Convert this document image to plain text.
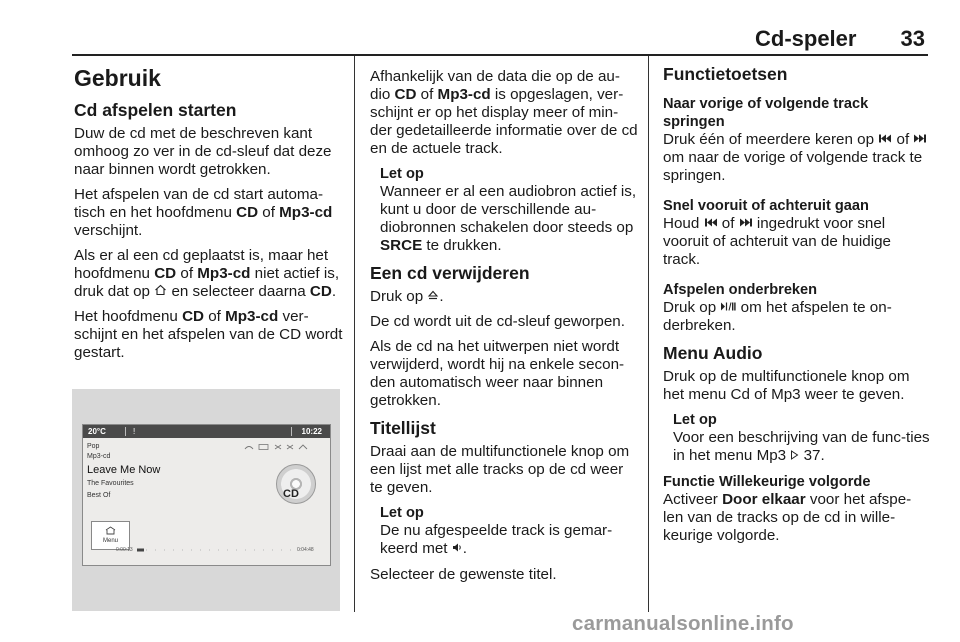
Cd-speler	33
Gebruik
Cd afspelen starten

Duw de cd met de beschreven kant omhoog zo ver in de cd-sleuf dat deze naar binnen wordt getrokken.

Het afspelen van de cd start automa-tisch en het hoofdmenu CD of Mp3-cd verschijnt.

Als er al een cd geplaatst is, maar het hoofdmenu CD of Mp3-cd niet actief is, druk dat op  en selecteer daarna CD.

Het hoofdmenu CD of Mp3-cd ver-schijnt en het afspelen van de CD wordt gestart.

20°C	!	10:22
Pop
Mp3-cd
Leave Me Now
The Favourites
Best Of	CD
Menu
0:00:13	0:04:48

Afhankelijk van de data die op de au-dio CD of Mp3-cd is opgeslagen, ver-schijnt er op het display meer of min-der gedetailleerde informatie over de cd en de actuele track.

Let op
Wanneer er al een audiobron actief is, kunt u door de verschillende au-diobronnen schakelen door steeds op SRCE te drukken.
Een cd verwijderen

Druk op .

De cd wordt uit de cd-sleuf geworpen.

Als de cd na het uitwerpen niet wordt verwijderd, wordt hij na enkele secon-den automatisch weer naar binnen getrokken.

Titellijst

Draai aan de multifunctionele knop om een lijst met alle tracks op de cd weer te geven.

Let op
De nu afgespeelde track is gemar-keerd met .

Selecteer de gewenste titel.

Functietoetsen
Naar vorige of volgende track springen

Druk één of meerdere keren op  of  om naar de vorige of volgende track te springen.

Snel vooruit of achteruit gaan

Houd  of  ingedrukt voor snel vooruit of achteruit van de huidige track.

Afspelen onderbreken

Druk op  om het afspelen te on-derbreken.

Menu Audio

Druk op de multifunctionele knop om het menu Cd of Mp3 weer te geven.

Let op
Voor een beschrijving van de func-ties in het menu Mp3  37.
Functie Willekeurige volgorde

Activeer Door elkaar voor het afspe-len van de tracks op de cd in wille-keurige volgorde.

carmanualsonline.info
